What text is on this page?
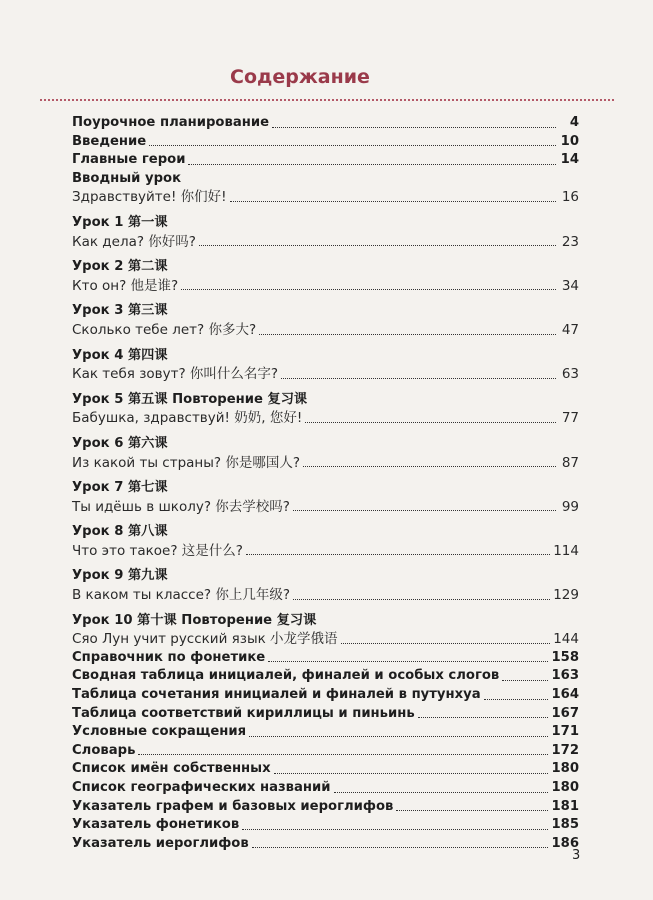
Содержание
Поурочное планирование	4
Введение	10
Главные герои	14
Вводный урок
Здравствуйте! 你们好!	16
Урок 1 第一课
Как дела? 你好吗?	23
Урок 2 第二课
Кто он? 他是谁?	34
Урок 3 第三课
Сколько тебе лет? 你多大?	47
Урок 4 第四课
Как тебя зовут? 你叫什么名字?	63
Урок 5 第五课 Повторение 复习课
Бабушка, здравствуй! 奶奶, 您好!	77
Урок 6 第六课
Из какой ты страны? 你是哪国人?	87
Урок 7 第七课
Ты идёшь в школу? 你去学校吗?	99
Урок 8 第八课
Что это такое? 这是什么?	114
Урок 9 第九课
В каком ты классе? 你上几年级?	129
Урок 10 第十课 Повторение 复习课
Сяо Лун учит русский язык 小龙学俄语	144
Справочник по фонетике	158
Сводная таблица инициалей, финалей и особых слогов	163
Таблица сочетания инициалей и финалей в путунхуа	164
Таблица соответствий кириллицы и пиньинь	167
Условные сокращения	171
Словарь	172
Список имён собственных	180
Список географических названий	180
Указатель графем и базовых иероглифов	181
Указатель фонетиков	185
Указатель иероглифов	186
3
